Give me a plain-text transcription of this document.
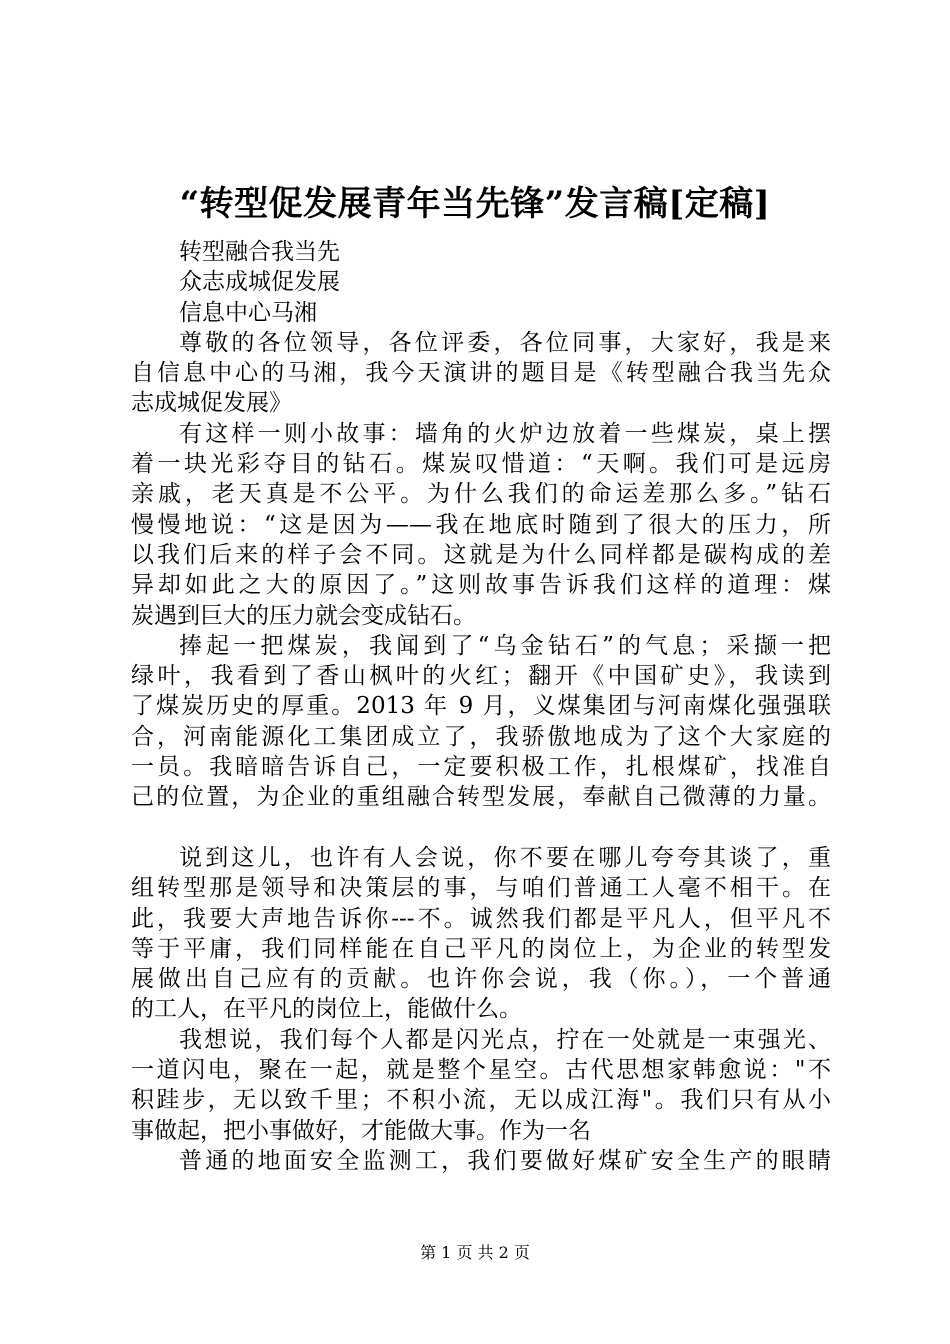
“转型促发展青年当先锋”发言稿[定稿]
转型融合我当先
众志成城促发展
信息中心马湘
尊敬的各位领导，各位评委，各位同事，大家好，我是来
自信息中心的马湘，我今天演讲的题目是《转型融合我当先众
志成城促发展》
有这样一则小故事：墙角的火炉边放着一些煤炭，桌上摆
着一块光彩夺目的钻石。煤炭叹惜道：“天啊。我们可是远房
亲戚，老天真是不公平。为什么我们的命运差那么多。”钻石
慢慢地说：“这是因为——我在地底时随到了很大的压力，所
以我们后来的样子会不同。这就是为什么同样都是碳构成的差
异却如此之大的原因了。”这则故事告诉我们这样的道理：煤
炭遇到巨大的压力就会变成钻石。
捧起一把煤炭，我闻到了“乌金钻石”的气息；采撷一把
绿叶，我看到了香山枫叶的火红；翻开《中国矿史》，我读到
了煤炭历史的厚重。2013 年 9 月，义煤集团与河南煤化强强联
合，河南能源化工集团成立了，我骄傲地成为了这个大家庭的
一员。我暗暗告诉自己，一定要积极工作，扎根煤矿，找准自
己的位置，为企业的重组融合转型发展，奉献自己微薄的力量。
说到这儿，也许有人会说，你不要在哪儿夸夸其谈了，重
组转型那是领导和决策层的事，与咱们普通工人毫不相干。在
此，我要大声地告诉你---不。诚然我们都是平凡人，但平凡不
等于平庸，我们同样能在自己平凡的岗位上，为企业的转型发
展做出自己应有的贡献。也许你会说，我（你。），一个普通
的工人，在平凡的岗位上，能做什么。
我想说，我们每个人都是闪光点，拧在一处就是一束强光、
一道闪电，聚在一起，就是整个星空。古代思想家韩愈说："不
积跬步，无以致千里；不积小流，无以成江海"。我们只有从小
事做起，把小事做好，才能做大事。作为一名
普通的地面安全监测工，我们要做好煤矿安全生产的眼睛
第 1 页 共 2 页
